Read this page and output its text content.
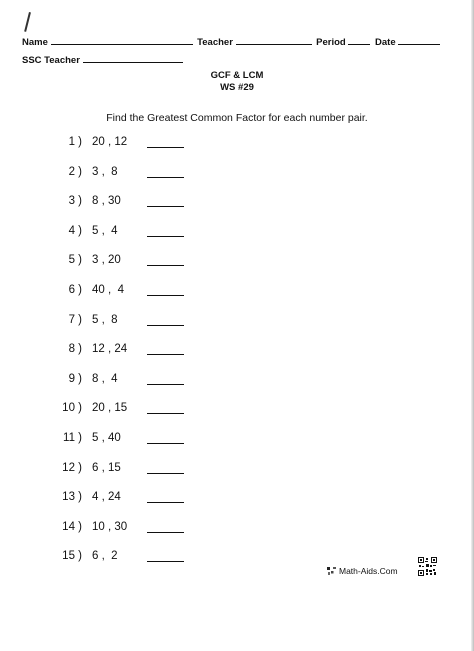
Name	Teacher	Period	Date
SSC Teacher
GCF & LCM
WS #29
Find the Greatest Common Factor for each number pair.
1 ) 20 , 12
2 ) 3 ,  8
3 ) 8 , 30
4 ) 5 ,  4
5 ) 3 , 20
6 ) 40 ,  4
7 ) 5 ,  8
8 ) 12 , 24
9 ) 8 ,  4
10 ) 20 , 15
11 ) 5 , 40
12 ) 6 , 15
13 ) 4 , 24
14 ) 10 , 30
15 ) 6 ,  2
Math-Aids.Com
